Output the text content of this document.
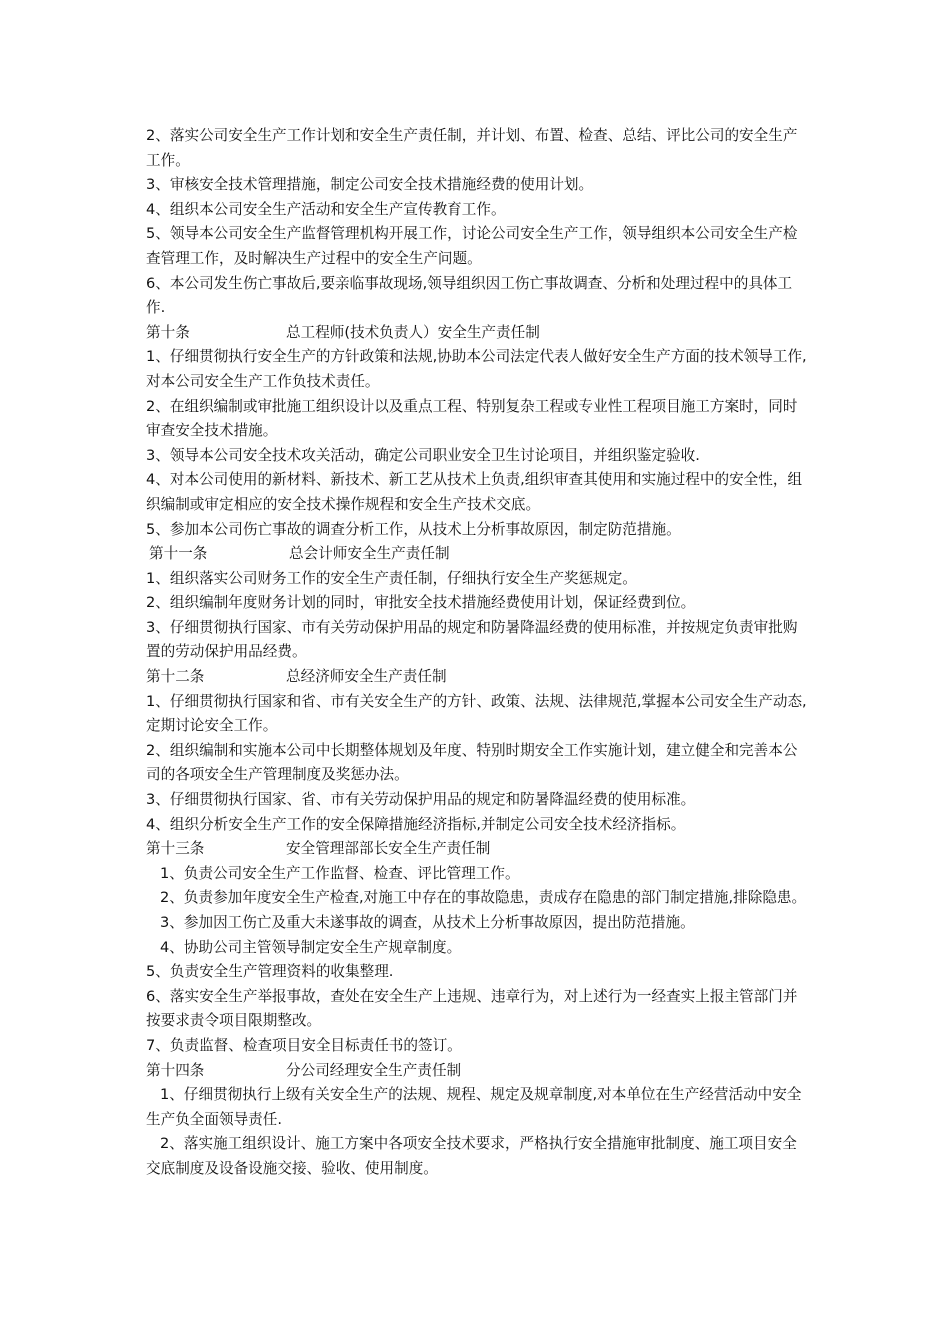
2、落实公司安全生产工作计划和安全生产责任制，并计划、布置、检查、总结、评比公司的安全生产工作。

3、审核安全技术管理措施，制定公司安全技术措施经费的使用计划。

4、组织本公司安全生产活动和安全生产宣传教育工作。

5、领导本公司安全生产监督管理机构开展工作，讨论公司安全生产工作，领导组织本公司安全生产检查管理工作，及时解决生产过程中的安全生产问题。

6、本公司发生伤亡事故后,要亲临事故现场,领导组织因工伤亡事故调查、分析和处理过程中的具体工作.

第十条	总工程师(技术负责人）安全生产责任制

1、仔细贯彻执行安全生产的方针政策和法规,协助本公司法定代表人做好安全生产方面的技术领导工作,对本公司安全生产工作负技术责任。

2、在组织编制或审批施工组织设计以及重点工程、特别复杂工程或专业性工程项目施工方案时，同时审查安全技术措施。

3、领导本公司安全技术攻关活动，确定公司职业安全卫生讨论项目，并组织鉴定验收.

4、对本公司使用的新材料、新技术、新工艺从技术上负责,组织审查其使用和实施过程中的安全性，组织编制或审定相应的安全技术操作规程和安全生产技术交底。

5、参加本公司伤亡事故的调查分析工作，从技术上分析事故原因，制定防范措施。

第十一条	总会计师安全生产责任制

1、组织落实公司财务工作的安全生产责任制，仔细执行安全生产奖惩规定。

2、组织编制年度财务计划的同时，审批安全技术措施经费使用计划，保证经费到位。

3、仔细贯彻执行国家、市有关劳动保护用品的规定和防暑降温经费的使用标准，并按规定负责审批购置的劳动保护用品经费。

第十二条	总经济师安全生产责任制

1、仔细贯彻执行国家和省、市有关安全生产的方针、政策、法规、法律规范,掌握本公司安全生产动态,定期讨论安全工作。

2、组织编制和实施本公司中长期整体规划及年度、特别时期安全工作实施计划，建立健全和完善本公司的各项安全生产管理制度及奖惩办法。

3、仔细贯彻执行国家、省、市有关劳动保护用品的规定和防暑降温经费的使用标准。

4、组织分析安全生产工作的安全保障措施经济指标,并制定公司安全技术经济指标。

第十三条	安全管理部部长安全生产责任制

1、负责公司安全生产工作监督、检查、评比管理工作。

2、负责参加年度安全生产检查,对施工中存在的事故隐患，责成存在隐患的部门制定措施,排除隐患。

3、参加因工伤亡及重大未遂事故的调查，从技术上分析事故原因，提出防范措施。

4、协助公司主管领导制定安全生产规章制度。

5、负责安全生产管理资料的收集整理.

6、落实安全生产举报事故，查处在安全生产上违规、违章行为，对上述行为一经查实上报主管部门并按要求责令项目限期整改。

7、负责监督、检查项目安全目标责任书的签订。

第十四条	分公司经理安全生产责任制

1、仔细贯彻执行上级有关安全生产的法规、规程、规定及规章制度,对本单位在生产经营活动中安全生产负全面领导责任.

2、落实施工组织设计、施工方案中各项安全技术要求，严格执行安全措施审批制度、施工项目安全交底制度及设备设施交接、验收、使用制度。
